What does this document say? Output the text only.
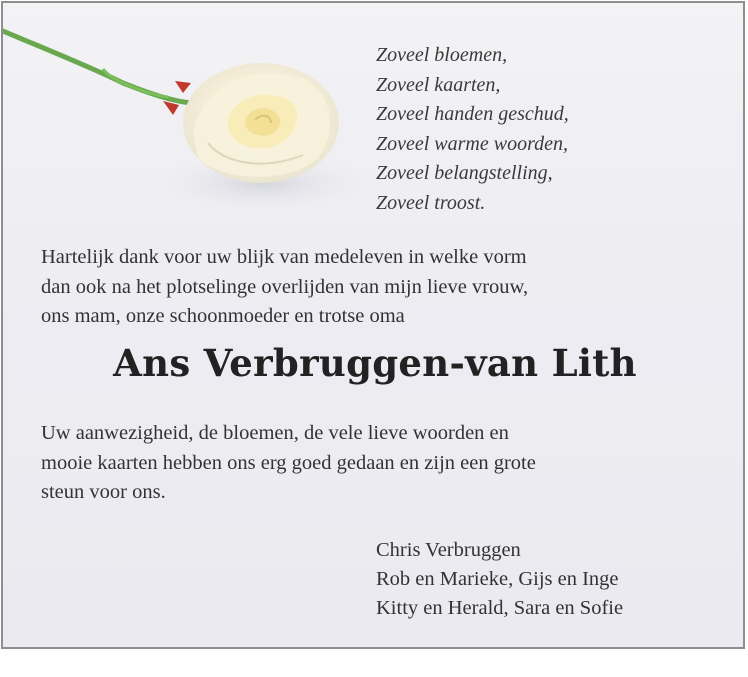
Zoveel bloemen,
Zoveel kaarten,
Zoveel handen geschud,
Zoveel warme woorden,
Zoveel belangstelling,
Zoveel troost.
Hartelijk dank voor uw blijk van medeleven in welke vorm
dan ook na het plotselinge overlijden van mijn lieve vrouw,
ons mam, onze schoonmoeder en trotse oma
Ans Verbruggen-van Lith
Uw aanwezigheid, de bloemen, de vele lieve woorden en
mooie kaarten hebben ons erg goed gedaan en zijn een grote
steun voor ons.
Chris Verbruggen
Rob en Marieke, Gijs en Inge
Kitty en Herald, Sara en Sofie
